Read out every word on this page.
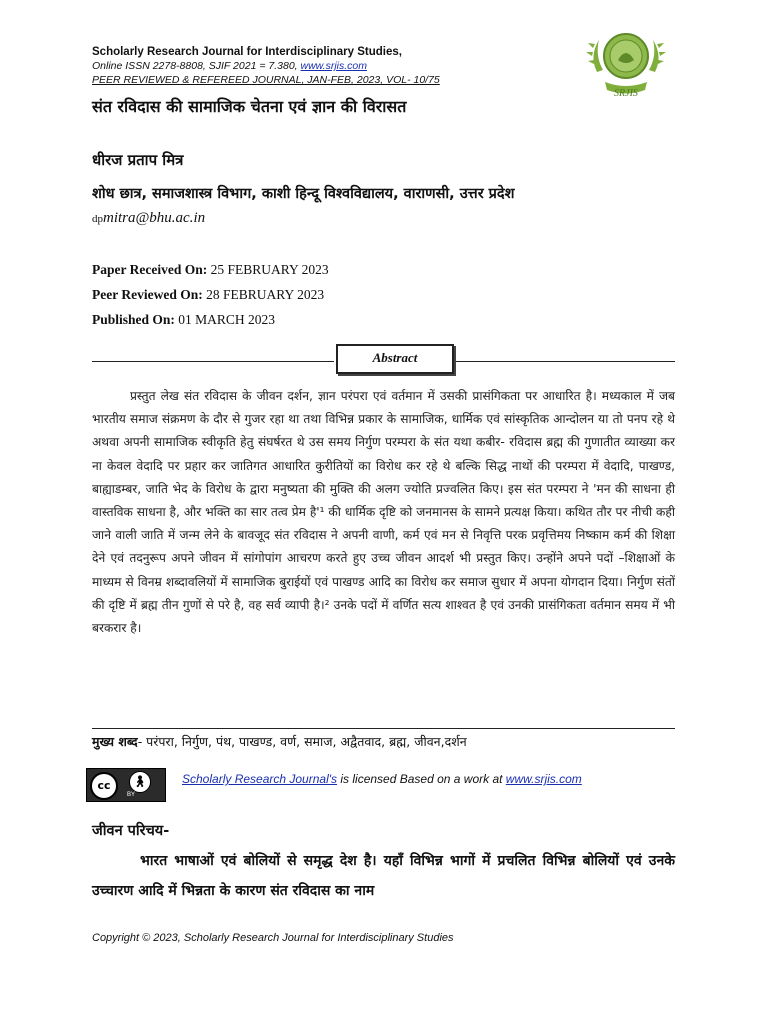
Scholarly Research Journal for Interdisciplinary Studies,
Online ISSN 2278-8808, SJIF 2021 = 7.380, www.srjis.com
PEER REVIEWED & REFEREED JOURNAL, JAN-FEB, 2023, VOL- 10/75
SRJIS
संत रविदास की सामाजिक चेतना एवं ज्ञान की विरासत
धीरज प्रताप मित्र
शोध छात्र, समाजशास्त्र विभाग, काशी हिन्दू विश्वविद्यालय, वाराणसी, उत्तर प्रदेश
dpmitra@bhu.ac.in
Paper Received On: 25 FEBRUARY 2023
Peer Reviewed On: 28 FEBRUARY 2023
Published On: 01 MARCH 2023
Abstract
प्रस्तुत लेख संत रविदास के जीवन दर्शन, ज्ञान परंपरा एवं वर्तमान में उसकी प्रासंगिकता पर आधारित है। मध्यकाल में जब भारतीय समाज संक्रमण के दौर से गुजर रहा था तथा विभिन्न प्रकार के सामाजिक, धार्मिक एवं सांस्कृतिक आन्दोलन या तो पनप रहे थे अथवा अपनी सामाजिक स्वीकृति हेतु संघर्षरत थे उस समय निर्गुण परम्परा के संत यथा कबीर- रविदास ब्रह्म की गुणातीत व्याख्या कर ना केवल वेदादि पर प्रहार कर जातिगत आधारित कुरीतियों का विरोध कर रहे थे बल्कि सिद्ध नाथों की परम्परा में वेदादि, पाखण्ड, बाह्याडम्बर, जाति भेद के विरोध के द्वारा मनुष्यता की मुक्ति की अलग ज्योति प्रज्वलित किए। इस संत परम्परा ने 'मन की साधना ही वास्तविक साधना है, और भक्ति का सार तत्व प्रेम है'¹ की धार्मिक दृष्टि को जनमानस के सामने प्रत्यक्ष किया। कथित तौर पर नीची कही जाने वाली जाति में जन्म लेने के बावजूद संत रविदास ने अपनी वाणी, कर्म एवं मन से निवृत्ति परक प्रवृत्तिमय निष्काम कर्म की शिक्षा देने एवं तदनुरूप अपने जीवन में सांगोपांग आचरण करते हुए उच्च जीवन आदर्श भी प्रस्तुत किए। उन्होंने अपने पदों –शिक्षाओं के माध्यम से विनम्र शब्दावलियों में सामाजिक बुराईयों एवं पाखण्ड आदि का विरोध कर समाज सुधार में अपना योगदान दिया। निर्गुण संतों की दृष्टि में ब्रह्म तीन गुणों से परे है, वह सर्व व्यापी है।² उनके पदों में वर्णित सत्य शाश्वत है एवं उनकी प्रासंगिकता वर्तमान समय में भी बरकरार है।
मुख्य शब्द- परंपरा, निर्गुण, पंथ, पाखण्ड, वर्ण, समाज, अद्वैतवाद, ब्रह्म, जीवन,दर्शन
cc	🚶︎
BY
Scholarly Research Journal's is licensed Based on a work at www.srjis.com
जीवन परिचय-
भारत भाषाओं एवं बोलियों से समृद्ध देश है। यहाँ विभिन्न भागों में प्रचलित विभिन्न बोलियों एवं उनके उच्चारण आदि में भिन्नता के कारण संत रविदास का नाम
Copyright © 2023, Scholarly Research Journal for Interdisciplinary Studies
